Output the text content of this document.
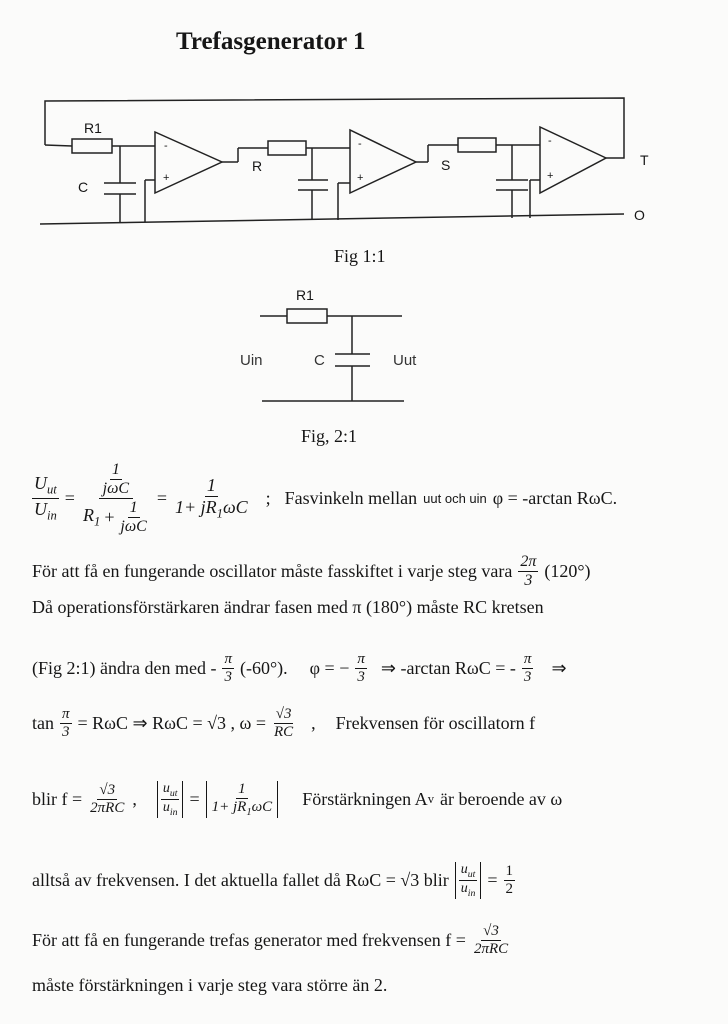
Trefasgenerator 1
R1
C
R	S	T
O
-
+
-
+
-
+
Fig 1:1
R1
Uin	C	Uut
Fig, 2:1
$\frac{U_{ut}}{U_{in}} = \frac{\frac{1}{\text{jωC}}}{R_1 + \frac{1}{\text{jωC}}} = \frac{1}{1+ jR_1\omega C}$ ; Fasvinkeln mellan uut och uin φ = -arctan RωC.
För att få en fungerande oscillator måste fasskiftet i varje steg vara $\frac{2\pi}{3} (120^\circ)$
Då operationsförstärkaren ändrar fasen med π (180°) måste RC kretsen
(Fig 2:1) ändra den med - $\frac{\pi}{3} (-60^\circ)$. φ = − $\frac{\pi}{3}$ ⇒ -arctan RωC = - $\frac{\pi}{3}$ ⇒
$\tan \frac{\pi}{3} = R\omega C$ ⇒ RωC = √3 , $\omega = \frac{√3}{RC}$ , Frekvensen för oscillatorn f
blir $f = \frac{√3}{\text{2πRC}}$ , $\frac{u_{ut}}{u_{in}} = \frac{1}{1+ jR_1\omega C}$ Förstärkningen A v är beroende av ω
alltså av frekvensen. I det aktuella fallet då RωC = √3 blir $\frac{u_{ut}}{u_{in}} = \frac{1}{2}$
För att få en fungerande trefas generator med frekvensen $f = \frac{√3}{\text{2πRC}}$
måste förstärkningen i varje steg vara större än 2.
